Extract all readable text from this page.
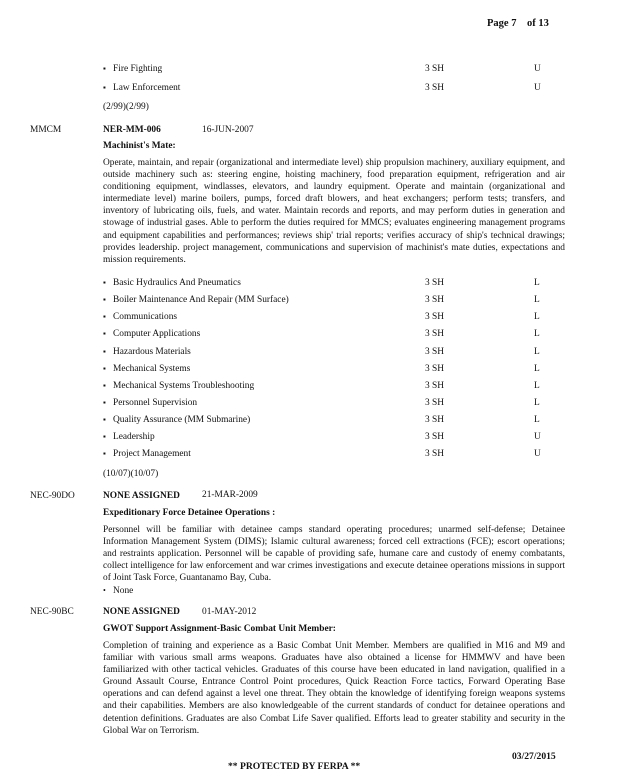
Page 7 of 13
▪ Fire Fighting	3 SH	U
▪ Law Enforcement	3 SH	U
(2/99)(2/99)
MMCM	NER-MM-006	16-JUN-2007
Machinist's Mate:
Operate, maintain, and repair (organizational and intermediate level) ship propulsion machinery, auxiliary equipment, and outside machinery such as: steering engine, hoisting machinery, food preparation equipment, refrigeration and air conditioning equipment, windlasses, elevators, and laundry equipment. Operate and maintain (organizational and intermediate level) marine boilers, pumps, forced draft blowers, and heat exchangers; perform tests; transfers, and inventory of lubricating oils, fuels, and water. Maintain records and reports, and may perform duties in generation and stowage of industrial gases. Able to perform the duties required for MMCS; evaluates engineering management programs and equipment capabilities and performances; reviews ship' trial reports; verifies accuracy of ship's technical drawings; provides leadership. project management, communications and supervision of machinist's mate duties, expectations and mission requirements.
▪ Basic Hydraulics And Pneumatics	3 SH	L
▪ Boiler Maintenance And Repair (MM Surface)	3 SH	L
▪ Communications	3 SH	L
▪ Computer Applications	3 SH	L
▪ Hazardous Materials	3 SH	L
▪ Mechanical Systems	3 SH	L
▪ Mechanical Systems Troubleshooting	3 SH	L
▪ Personnel Supervision	3 SH	L
▪ Quality Assurance (MM Submarine)	3 SH	L
▪ Leadership	3 SH	U
▪ Project Management	3 SH	U
(10/07)(10/07)
NEC-90DO	NONE ASSIGNED 21-MAR-2009
Expeditionary Force Detainee Operations :
Personnel will be familiar with detainee camps standard operating procedures; unarmed self-defense; Detainee Information Management System (DIMS); Islamic cultural awareness; forced cell extractions (FCE); escort operations; and restraints application. Personnel will be capable of providing safe, humane care and custody of enemy combatants, collect intelligence for law enforcement and war crimes investigations and execute detainee operations missions in support of Joint Task Force, Guantanamo Bay, Cuba.
• None
NEC-90BC	NONE ASSIGNED 01-MAY-2012
GWOT Support Assignment-Basic Combat Unit Member:
Completion of training and experience as a Basic Combat Unit Member. Members are qualified in M16 and M9 and familiar with various small arms weapons. Graduates have also obtained a license for HMMWV and have been familiarized with other tactical vehicles. Graduates of this course have been educated in land navigation, qualified in a Ground Assault Course, Entrance Control Point procedures, Quick Reaction Force tactics, Forward Operating Base operations and can defend against a level one threat. They obtain the knowledge of identifying foreign weapons systems and their capabilities. Members are also knowledgeable of the current standards of conduct for detainee operations and detention definitions. Graduates are also Combat Life Saver qualified. Efforts lead to greater stability and security in the Global War on Terrorism.
03/27/2015
** PROTECTED BY FERPA **
